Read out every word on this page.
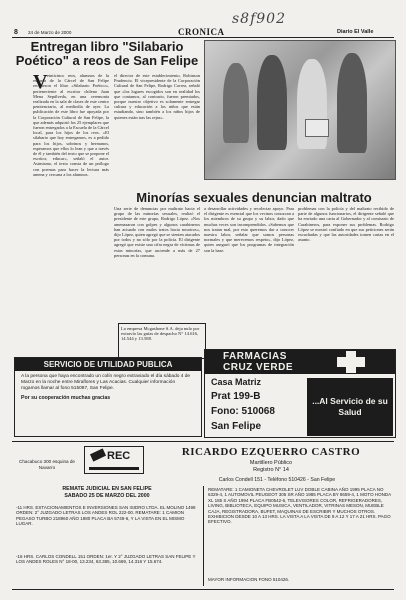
s8f902
8 24 de Marzo de 2000	CRONICA	Diario El Valle
Entregan libro "Silabario Poético" a reos de San Felipe
V einticinco reos, alumnos de la escuela de la Cárcel de San Felipe recibieron el libro «Silabario Poético», perteneciente al escritor chileno Juan Mena Sepúlveda, en una ceremonia realizada en la sala de clases de este centro penitenciario, al mediodía de ayer. La publicación de este libro fue apoyada por la Corporación Cultural de San Felipe, la que además adquirió los 25 ejemplares que fueron entregados a la Escuela de la Cárcel local, para los hijos de los reos. «El silabario que hoy entregamos, es a pedido para los hijos, sobrinos y hermanos, esperamos que ellos lo lean y que a través de él y también del texto que se propone el escritor, educar», señaló el autor. Asimismo, el texto consta de un prólogo con poemas para hacer la lectura más amena y cercana a los alumnos.
el director de este establecimiento, Robinson Prudencio. El vicepresidente de la Corporación Cultural de San Felipe, Rodrigo Correa, señaló que «los lugares escogidos son en realidad los que contamos, al contrario, fueron premiados, porque nuestro objetivo es solamente entregar cultura y educación a los niños que están estudiando, sino también a los niños hijos de quienes están tras las rejas».
Minorías sexuales denuncian maltrato
Una serie de denuncias por maltrato hacia el grupo de las minorías sexuales, realizó el presidente de este grupo, Rodrigo López. «Nos amenazaron con golpes y algunos carabineros han actuado con malos tratos hacia nosotros», dijo López, quien agregó que se sienten atacados por todos y no sólo por la policía. El dirigente agregó que existe una cifra negra de víctimas de estas minorías, que asciende a más de 27 personas en la comuna.
a desarrollar actividades y recolectar apoyo. Para el dirigente es esencial que los vecinos conozcan a los miembros de su grupo y su labor, dado que muchas veces son incomprendidos. «Sabemos que nos tratan mal, por esto queremos dar a conocer nuestra labor, señalar que somos personas normales y que merecemos respeto», dijo López, quien aseguró que los programas de integración son la base.
problemas con la policía y del maltrato recibido de parte de algunos funcionarios, el dirigente señaló que ha enviado una carta al Gobernador y al comisario de Carabineros, para exponer sus problemas. Rodrigo López se mostró confiado en que sus peticiones serán escuchadas y que las autoridades tomen cartas en el asunto.
La empresa Mcgashone S.A. deja nulo por extravío las guías de despacho N° 14.616, 14.544 y 13.588.
SERVICIO DE UTILIDAD PUBLICA
A la persona que haya encontrado un colín negro extraviado el día sábado 4 de Marzo en la noche entre Miraflores y Las Acacias. Cualquier información rogamos llamar al fono 515087, San Felipe.
Por su cooperación muchas gracias
FARMACIAS
CRUZ VERDE
Casa Matriz
Prat 199-B
Fono: 510068
San Felipe
...Al Servicio de su Salud
REC
Chacabuco 300 esquina de Navarro
RICARDO EZQUERRO CASTRO
Martillero Público
Registro N° 14
Carlos Condell 151 - Teléfono 510426 - San Felipe
REMATE JUDICIAL EN SAN FELIPE
SABADO 25 DE MARZO DEL 2000
-11 HRS. ESTACIONAMIENTOS E INVERSIONES SAN ISIDRO LTDA. EL MOLINO 1498 ORDEN: 2° JUZGADO LETRAS LOS ANDES ROL 222-00. REMATARE: 1 CAMION PEGASO TURBO 218960 AÑO 1980 PLACA BA 5749-6, Y LA VISTA EN EL MISMO LUGAR.
-16 HRS. CARLOS CONDELL 151 ORDEN: 1er. Y 2° JUZGADO LETRAS SAN FELIPE Y LOS ANDES ROLES N° 18-00, 13.234, 63.385, 10.669, 14.316 Y 15.674.
REMATARE: 1 CAMIONETA CHEVROLET LUV DOBLE CABINA AÑO 1995 PLACA NO 6329-4, 1 AUTOMOVIL PEUGEOT 305 SR AÑO 1985 PLACA BY 8659-4, 1 MOTO HONDA XL 185 S AÑO 1994 PLACA FB0542-6, TELEVISORES COLOR, REFRIGERADORES, LIVING, BIBLIOTECA, EQUIPO MUSICA, VENTILADOR, VITRINAS MESON, MUEBLE CAJA, REGISTRADORA, BUFET, MAQUINAS DE ESCRIBIR Y MUCHOS OTROS. EXHIBICION DESDE 10 A 13 HRS. LA VISTA A LA VISTA DE 9 A 12 Y 17 A 21 HRS. PAGO EFECTIVO.
MAYOR INFORMACION FONO 510426.
